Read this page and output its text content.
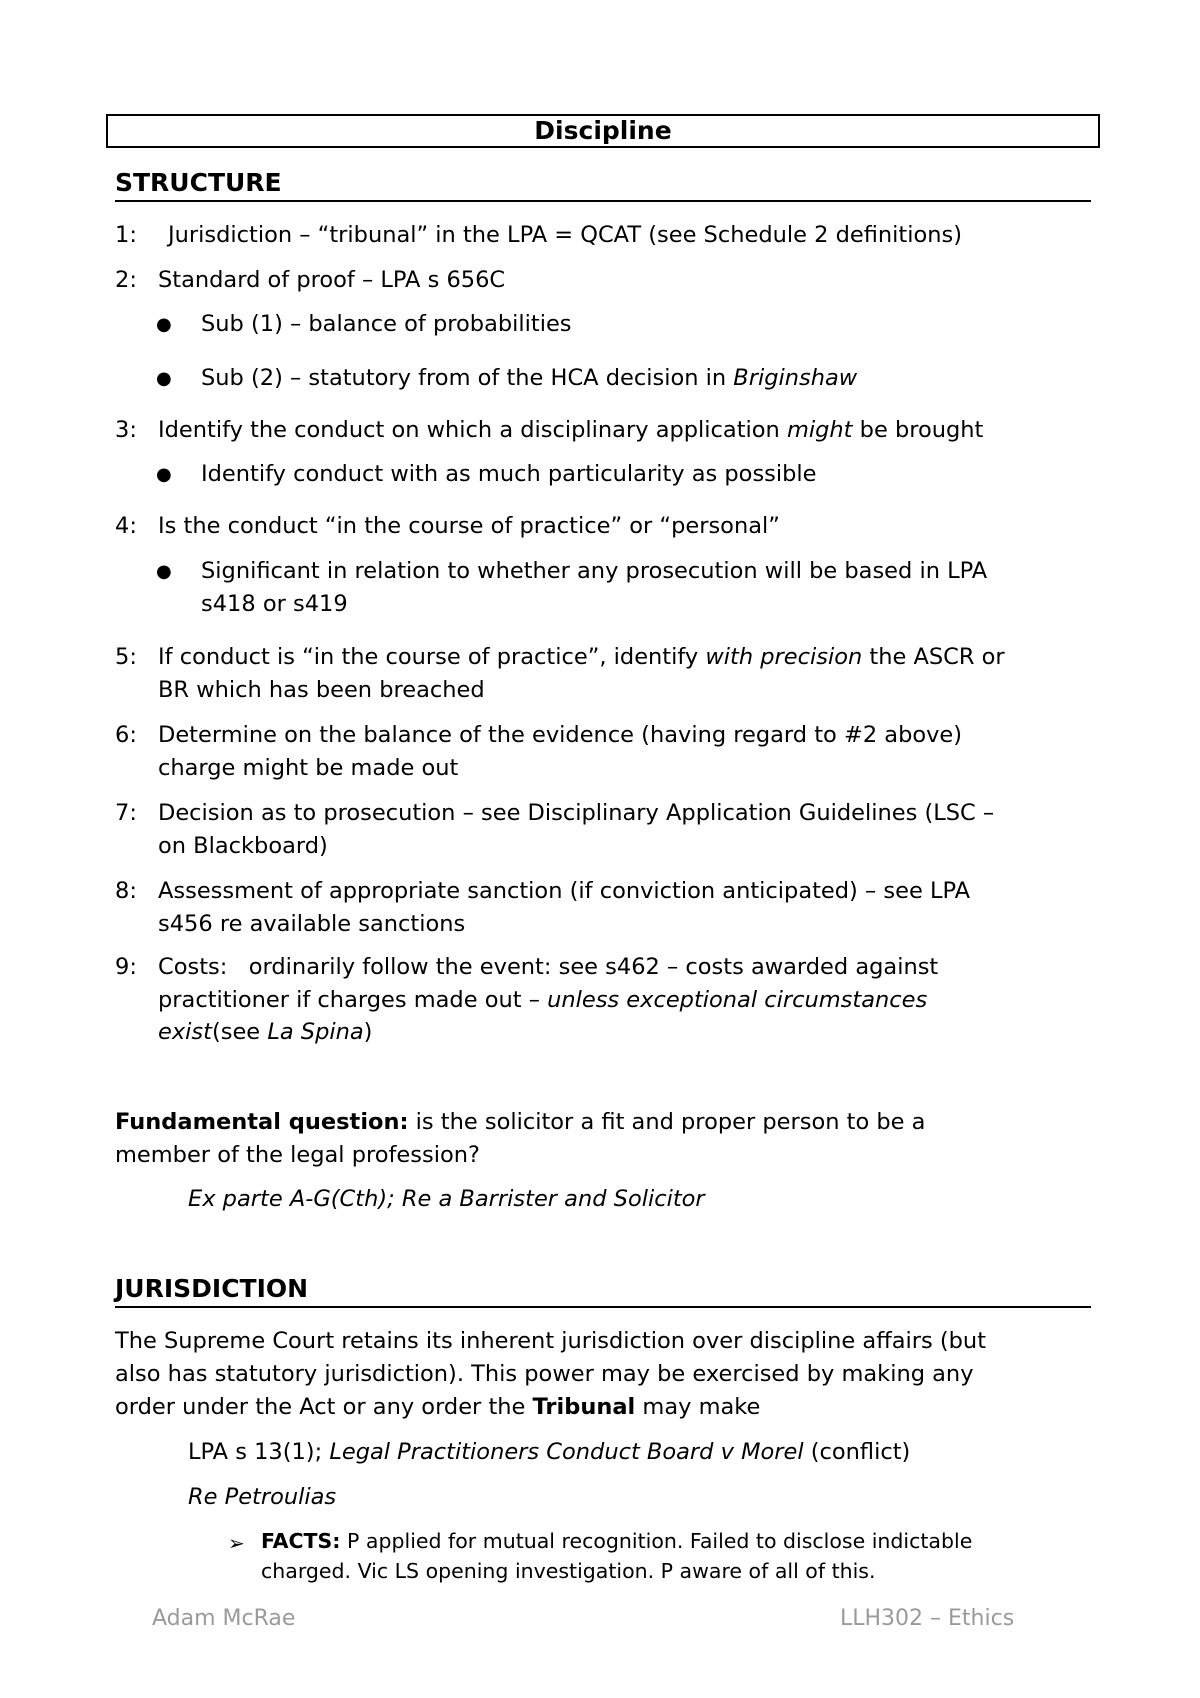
Discipline
STRUCTURE
1: Jurisdiction – “tribunal” in the LPA = QCAT (see Schedule 2 definitions)
2: Standard of proof – LPA s 656C
● Sub (1) – balance of probabilities
● Sub (2) – statutory from of the HCA decision in Briginshaw
3: Identify the conduct on which a disciplinary application might be brought
● Identify conduct with as much particularity as possible
4: Is the conduct “in the course of practice” or “personal”
● Significant in relation to whether any prosecution will be based in LPA
s418 or s419
5: If conduct is “in the course of practice”, identify with precision the ASCR or
BR which has been breached
6: Determine on the balance of the evidence (having regard to #2 above)
charge might be made out
7: Decision as to prosecution – see Disciplinary Application Guidelines (LSC –
on Blackboard)
8: Assessment of appropriate sanction (if conviction anticipated) – see LPA
s456 re available sanctions
9: Costs:   ordinarily follow the event: see s462 – costs awarded against
practitioner if charges made out – unless exceptional circumstances
exist(see La Spina)
Fundamental question: is the solicitor a fit and proper person to be a
member of the legal profession?
Ex parte A-G(Cth); Re a Barrister and Solicitor
JURISDICTION
The Supreme Court retains its inherent jurisdiction over discipline affairs (but
also has statutory jurisdiction). This power may be exercised by making any
order under the Act or any order the Tribunal may make
LPA s 13(1); Legal Practitioners Conduct Board v Morel (conflict)
Re Petroulias
➢ FACTS: P applied for mutual recognition. Failed to disclose indictable
charged. Vic LS opening investigation. P aware of all of this.
Adam McRae	LLH302 – Ethics
